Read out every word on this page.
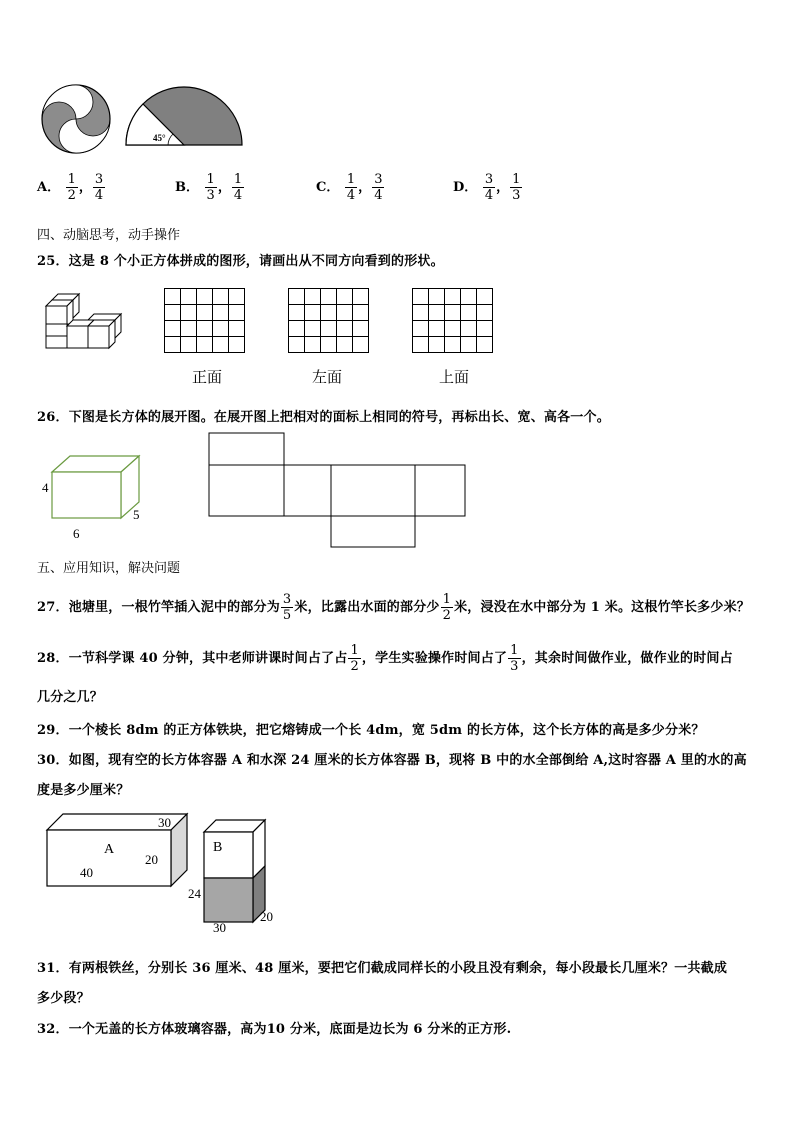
45°
A． $\frac{1}{2}$ ， $\frac{3}{4}$	B． $\frac{1}{3}$ ， $\frac{1}{4}$	C． $\frac{1}{4}$ ， $\frac{3}{4}$	D． $\frac{3}{4}$ ， $\frac{1}{3}$
四、动脑思考，动手操作
25．这是 8 个小正方体拼成的图形，请画出从不同方向看到的形状。

正面	左面	上面
26．下图是长方体的展开图。在展开图上把相对的面标上相同的符号，再标出长、宽、高各一个。
4
6
5
五、应用知识，解决问题
27．池塘里，一根竹竿插入泥中的部分为 $\frac{3}{5}$ 米，比露出水面的部分少 $\frac{1}{2}$ 米，浸没在水中部分为 1 米。这根竹竿长多少米？
28．一节科学课 40 分钟，其中老师讲课时间占了占 $\frac{1}{2}$ ，学生实验操作时间占了 $\frac{1}{3}$ ，其余时间做作业，做作业的时间占
几分之几？
29．一个棱长 8dm 的正方体铁块，把它熔铸成一个长 4dm，宽 5dm 的长方体，这个长方体的高是多少分米？
30．如图，现有空的长方体容器 A 和水深 24 厘米的长方体容器 B，现将 B 中的水全部倒给 A,这时容器 A 里的水的高
度是多少厘米？
A
30
20
40
B
24
30
20
31．有两根铁丝，分别长 36 厘米、48 厘米，要把它们截成同样长的小段且没有剩余，每小段最长几厘米？一共截成
多少段？
32．一个无盖的长方体玻璃容器，高为10 分米，底面是边长为 6 分米的正方形.
